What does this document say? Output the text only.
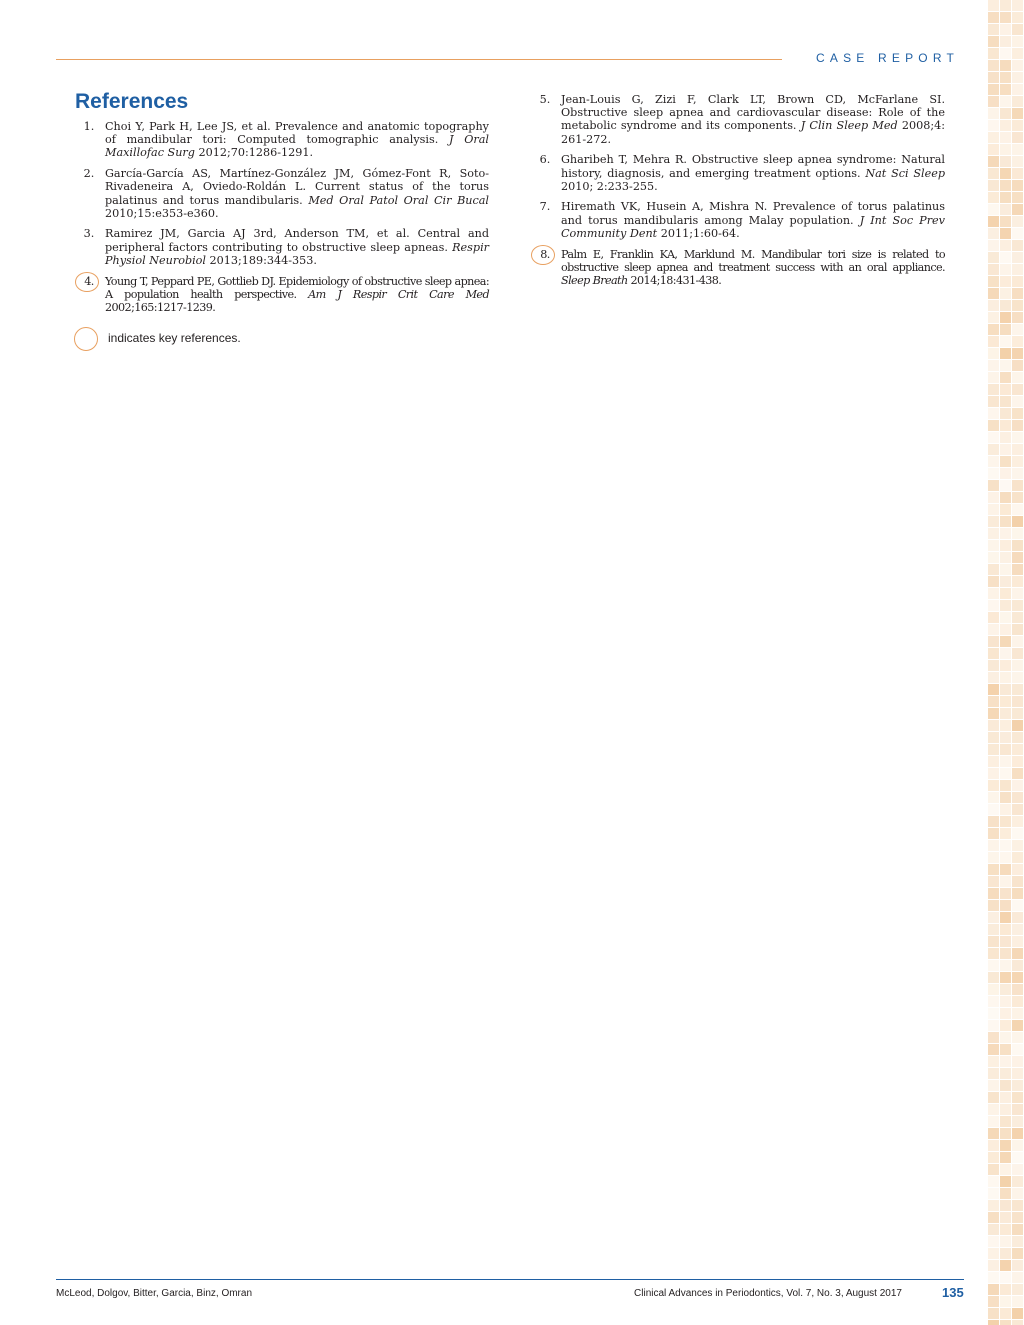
CASE REPORT
References
1. Choi Y, Park H, Lee JS, et al. Prevalence and anatomic topography of mandibular tori: Computed tomographic analysis. J Oral Maxillofac Surg 2012;70:1286-1291.
2. García-García AS, Martínez-González JM, Gómez-Font R, Soto-Rivadeneira A, Oviedo-Roldán L. Current status of the torus palatinus and torus mandibularis. Med Oral Patol Oral Cir Bucal 2010;15:e353-e360.
3. Ramirez JM, Garcia AJ 3rd, Anderson TM, et al. Central and peripheral factors contributing to obstructive sleep apneas. Respir Physiol Neurobiol 2013;189:344-353.
4.	Young T, Peppard PE, Gottlieb DJ. Epidemiology of obstructive sleep apnea: A population health perspective. Am J Respir Crit Care Med 2002;165:1217-1239.
5. Jean-Louis G, Zizi F, Clark LT, Brown CD, McFarlane SI. Obstructive sleep apnea and cardiovascular disease: Role of the metabolic syndrome and its components. J Clin Sleep Med 2008;4: 261-272.
6. Gharibeh T, Mehra R. Obstructive sleep apnea syndrome: Natural history, diagnosis, and emerging treatment options. Nat Sci Sleep 2010; 2:233-255.
7. Hiremath VK, Husein A, Mishra N. Prevalence of torus palatinus and torus mandibularis among Malay population. J Int Soc Prev Community Dent 2011;1:60-64.
8.	Palm E, Franklin KA, Marklund M. Mandibular tori size is related to obstructive sleep apnea and treatment success with an oral appliance. Sleep Breath 2014;18:431-438.
indicates key references.
McLeod, Dolgov, Bitter, Garcia, Binz, Omran	Clinical Advances in Periodontics, Vol. 7, No. 3, August 2017	135
